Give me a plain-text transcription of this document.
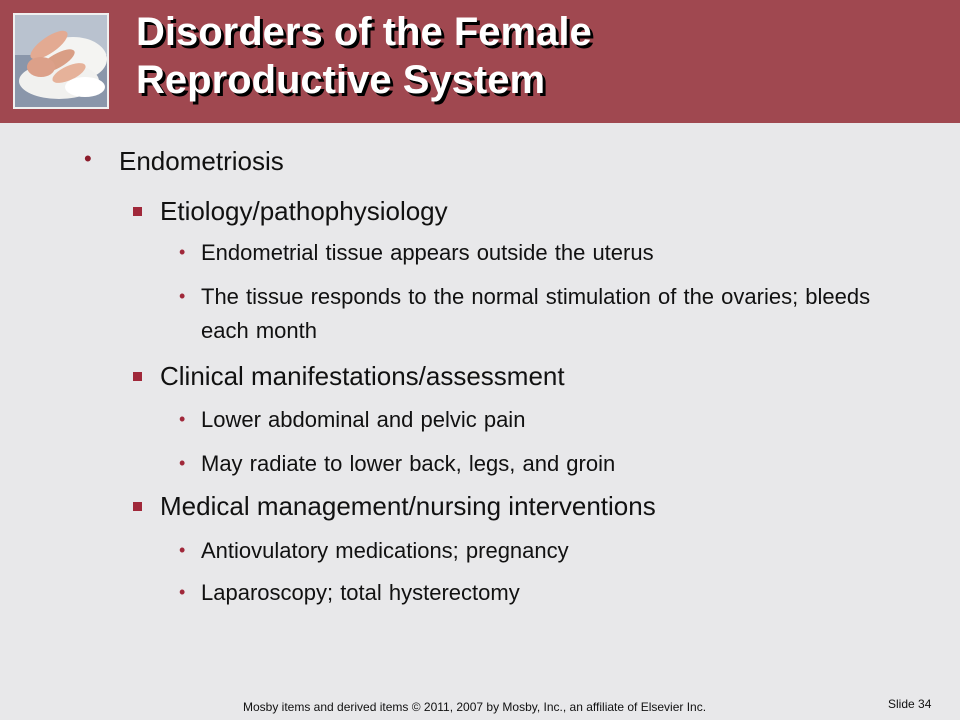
Disorders of the Female
Reproductive System
• Endometriosis
Etiology/pathophysiology
• Endometrial tissue appears outside the uterus
• The tissue responds to the normal stimulation of the ovaries; bleeds each month
Clinical manifestations/assessment
• Lower abdominal and pelvic pain
• May radiate to lower back, legs, and groin
Medical management/nursing interventions
• Antiovulatory medications; pregnancy
• Laparoscopy; total hysterectomy
Mosby items and derived items © 2011, 2007 by Mosby, Inc., an affiliate of Elsevier Inc.	Slide 34
